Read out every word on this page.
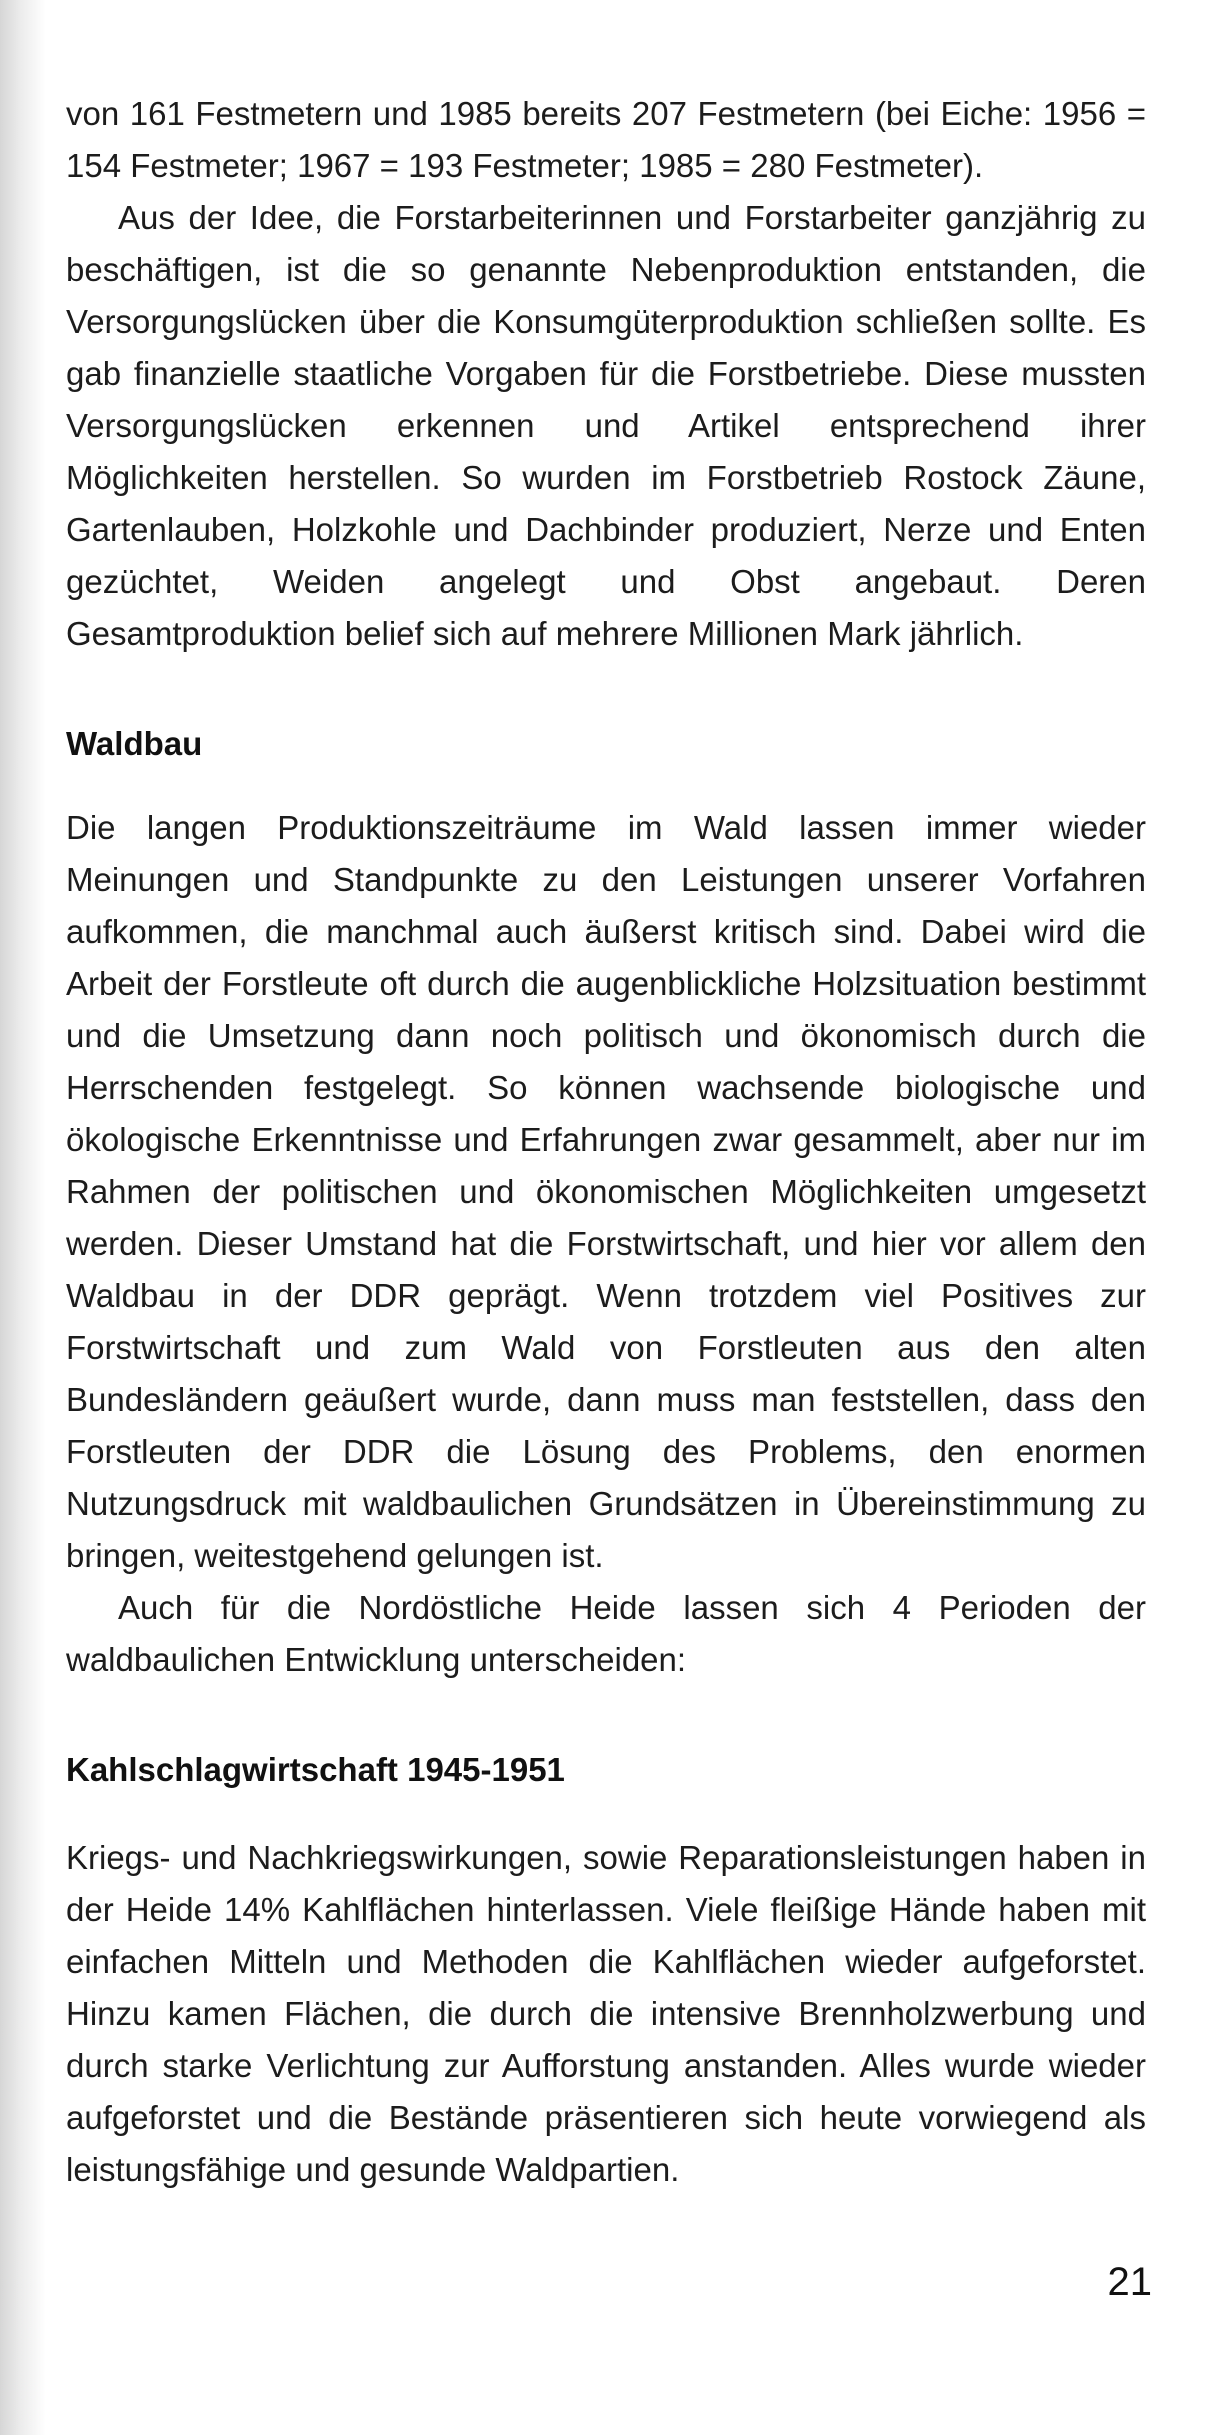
von 161 Festmetern und 1985 bereits 207 Festmetern (bei Eiche: 1956 = 154 Festmeter; 1967 = 193 Festmeter; 1985 = 280 Festmeter).

Aus der Idee, die Forstarbeiterinnen und Forstarbeiter ganzjährig zu beschäftigen, ist die so genannte Nebenproduktion entstanden, die Versorgungslücken über die Konsumgüterproduktion schließen sollte. Es gab finanzielle staatliche Vorgaben für die Forstbetriebe. Diese mussten Versorgungslücken erkennen und Artikel entsprechend ihrer Möglichkeiten herstellen. So wurden im Forstbetrieb Rostock Zäune, Gartenlauben, Holzkohle und Dachbinder produziert, Nerze und Enten gezüchtet, Weiden angelegt und Obst angebaut. Deren Gesamtproduktion belief sich auf mehrere Millionen Mark jährlich.

Waldbau

Die langen Produktionszeiträume im Wald lassen immer wieder Meinungen und Standpunkte zu den Leistungen unserer Vorfahren aufkommen, die manchmal auch äußerst kritisch sind. Dabei wird die Arbeit der Forstleute oft durch die augenblickliche Holzsituation bestimmt und die Umsetzung dann noch politisch und ökonomisch durch die Herrschenden festgelegt. So können wachsende biologische und ökologische Erkenntnisse und Erfahrungen zwar gesammelt, aber nur im Rahmen der politischen und ökonomischen Möglichkeiten umgesetzt werden. Dieser Umstand hat die Forstwirtschaft, und hier vor allem den Waldbau in der DDR geprägt. Wenn trotzdem viel Positives zur Forstwirtschaft und zum Wald von Forstleuten aus den alten Bundesländern geäußert wurde, dann muss man feststellen, dass den Forstleuten der DDR die Lösung des Problems, den enormen Nutzungsdruck mit waldbaulichen Grundsätzen in Übereinstimmung zu bringen, weitestgehend gelungen ist.

Auch für die Nordöstliche Heide lassen sich 4 Perioden der waldbaulichen Entwicklung unterscheiden:

Kahlschlagwirtschaft 1945-1951

Kriegs- und Nachkriegswirkungen, sowie Reparationsleistungen haben in der Heide 14% Kahlflächen hinterlassen. Viele fleißige Hände haben mit einfachen Mitteln und Methoden die Kahlflächen wieder aufgeforstet. Hinzu kamen Flächen, die durch die intensive Brennholzwerbung und durch starke Verlichtung zur Aufforstung anstanden. Alles wurde wieder aufgeforstet und die Bestände präsentieren sich heute vorwiegend als leistungsfähige und gesunde Waldpartien.

21
